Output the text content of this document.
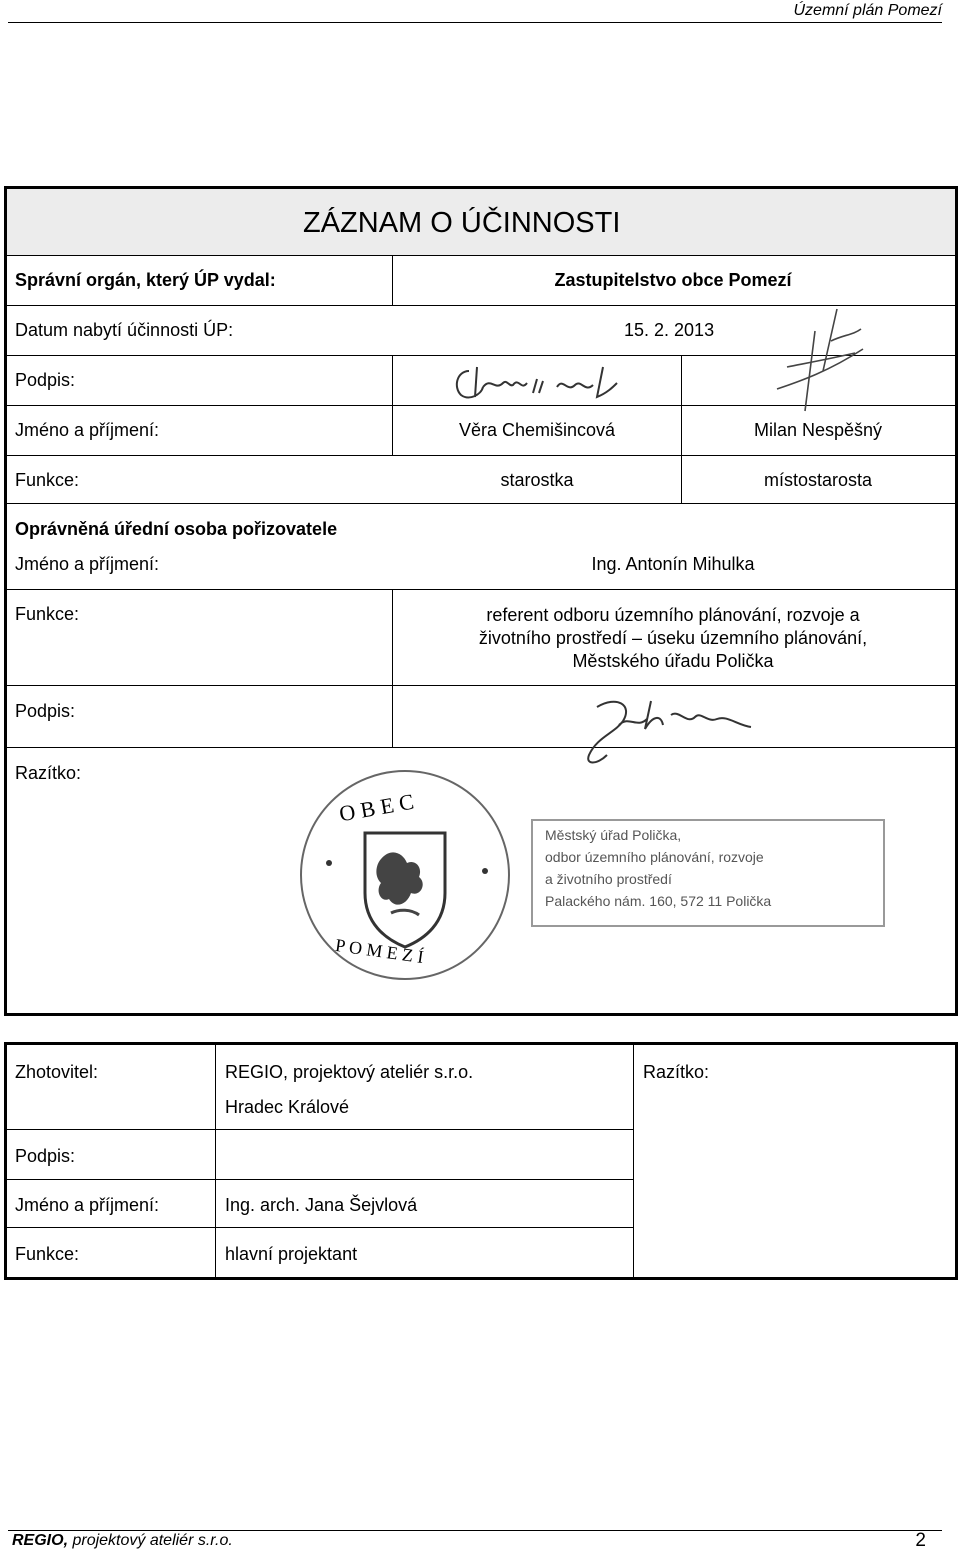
Územní plán Pomezí
ZÁZNAM O ÚČINNOSTI
Správní orgán, který ÚP vydal:	Zastupitelstvo obce Pomezí
Datum nabytí účinnosti ÚP:	15. 2. 2013
Podpis:
Jméno a příjmení:	Věra Chemišincová	Milan Nespěšný
Funkce:	starostka	místostarosta
Oprávněná úřední osoba pořizovatele
Jméno a příjmení:	Ing. Antonín Mihulka
Funkce:	referent odboru územního plánování, rozvoje a
životního prostředí – úseku územního plánování,
Městského úřadu Polička
Podpis:
Razítko:
O B E C
P O M E Z Í
Městský úřad Polička,
odbor územního plánování, rozvoje
a životního prostředí
Palackého nám. 160, 572 11 Polička
Zhotovitel:	REGIO, projektový ateliér s.r.o.
Hradec Králové
Razítko:
Podpis:
Jméno a příjmení:	Ing. arch. Jana Šejvlová
Funkce:	hlavní projektant
REGIO, projektový ateliér s.r.o.	2
